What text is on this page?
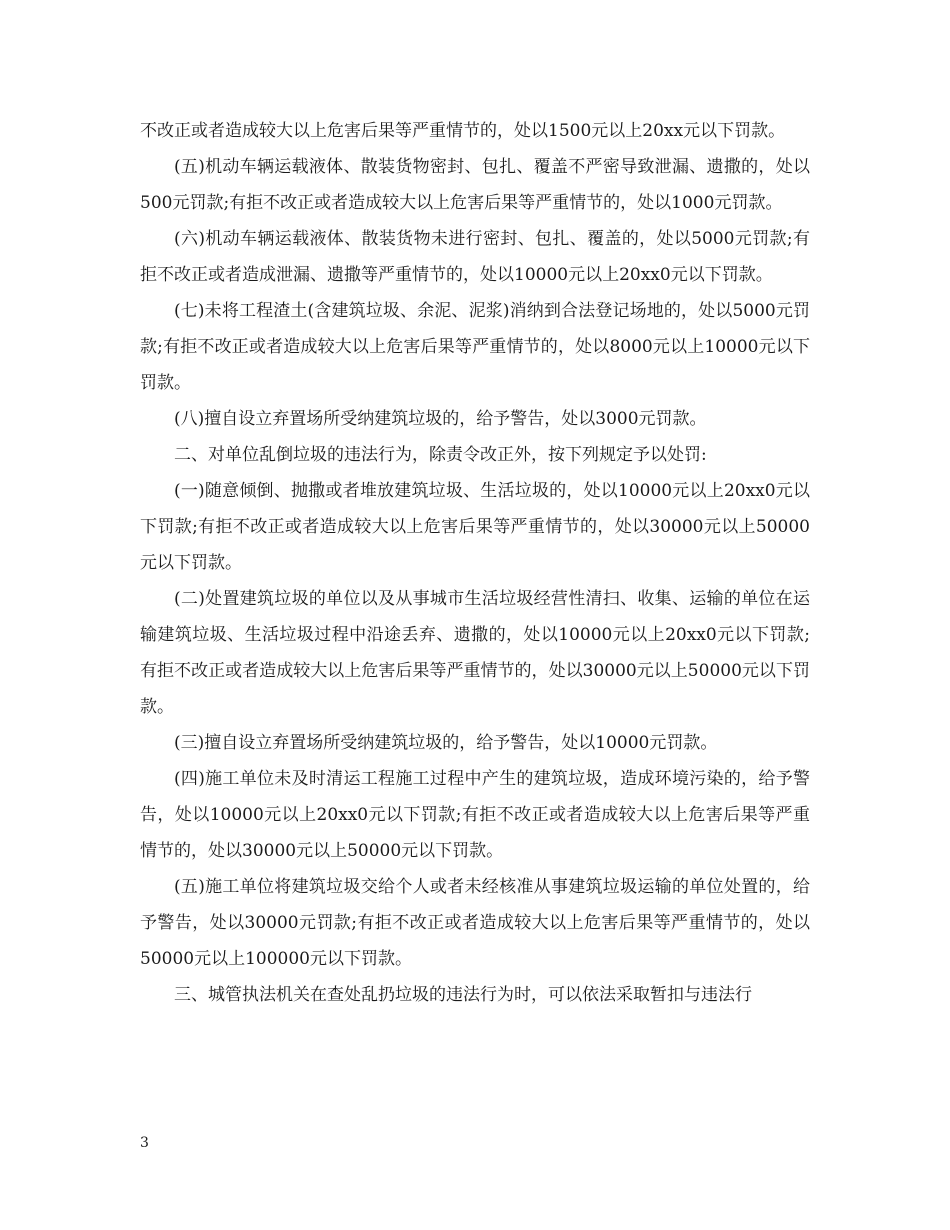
不改正或者造成较大以上危害后果等严重情节的，处以1500元以上20xx元以下罚款。

(五)机动车辆运载液体、散装货物密封、包扎、覆盖不严密导致泄漏、遗撒的，处以500元罚款;有拒不改正或者造成较大以上危害后果等严重情节的，处以1000元罚款。

(六)机动车辆运载液体、散装货物未进行密封、包扎、覆盖的，处以5000元罚款;有拒不改正或者造成泄漏、遗撒等严重情节的，处以10000元以上20xx0元以下罚款。

(七)未将工程渣土(含建筑垃圾、余泥、泥浆)消纳到合法登记场地的，处以5000元罚款;有拒不改正或者造成较大以上危害后果等严重情节的，处以8000元以上10000元以下罚款。

(八)擅自设立弃置场所受纳建筑垃圾的，给予警告，处以3000元罚款。

二、对单位乱倒垃圾的违法行为，除责令改正外，按下列规定予以处罚:

(一)随意倾倒、抛撒或者堆放建筑垃圾、生活垃圾的，处以10000元以上20xx0元以下罚款;有拒不改正或者造成较大以上危害后果等严重情节的，处以30000元以上50000元以下罚款。

(二)处置建筑垃圾的单位以及从事城市生活垃圾经营性清扫、收集、运输的单位在运输建筑垃圾、生活垃圾过程中沿途丢弃、遗撒的，处以10000元以上20xx0元以下罚款;有拒不改正或者造成较大以上危害后果等严重情节的，处以30000元以上50000元以下罚款。

(三)擅自设立弃置场所受纳建筑垃圾的，给予警告，处以10000元罚款。

(四)施工单位未及时清运工程施工过程中产生的建筑垃圾，造成环境污染的，给予警告，处以10000元以上20xx0元以下罚款;有拒不改正或者造成较大以上危害后果等严重情节的，处以30000元以上50000元以下罚款。

(五)施工单位将建筑垃圾交给个人或者未经核准从事建筑垃圾运输的单位处置的，给予警告，处以30000元罚款;有拒不改正或者造成较大以上危害后果等严重情节的，处以50000元以上100000元以下罚款。

三、城管执法机关在查处乱扔垃圾的违法行为时，可以依法采取暂扣与违法行

3
